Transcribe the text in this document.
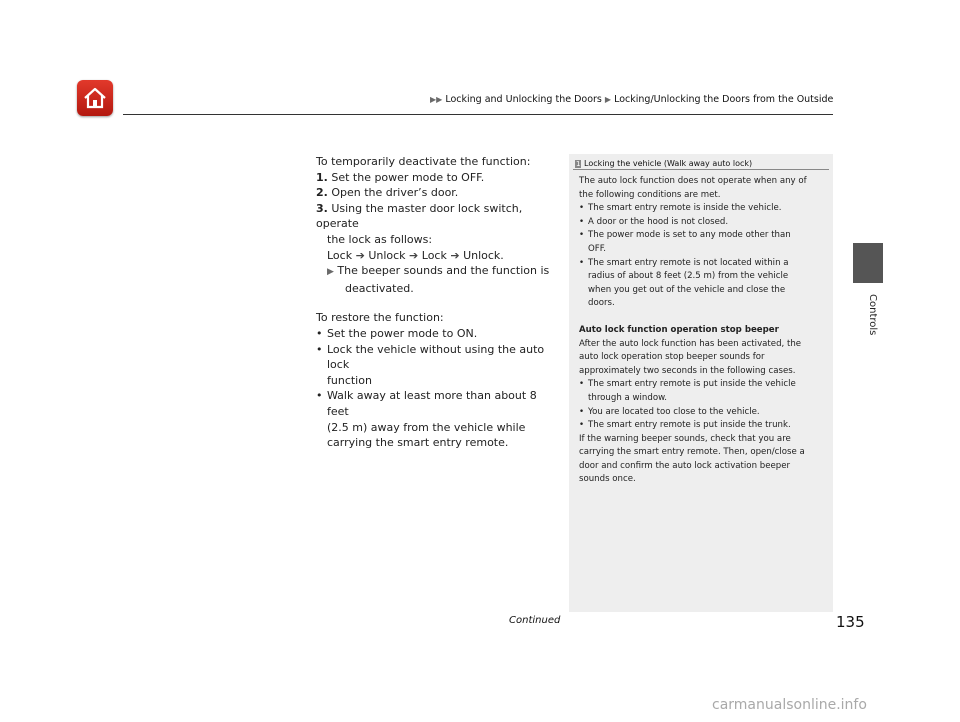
▶▶ Locking and Unlocking the Doors ▶ Locking/Unlocking the Doors from the Outside
Controls

To temporarily deactivate the function:

1. Set the power mode to OFF.

2. Open the driver’s door.

3. Using the master door lock switch, operate

the lock as follows:

Lock ➔ Unlock ➔ Lock ➔ Unlock.

▶ The beeper sounds and the function is

deactivated.

To restore the function:

• Set the power mode to ON.

• Lock the vehicle without using the auto lock

function

• Walk away at least more than about 8 feet

(2.5 m) away from the vehicle while

carrying the smart entry remote.

1 Locking the vehicle (Walk away auto lock)

The auto lock function does not operate when any of

the following conditions are met.

• The smart entry remote is inside the vehicle.

• A door or the hood is not closed.

• The power mode is set to any mode other than

OFF.

• The smart entry remote is not located within a

radius of about 8 feet (2.5 m) from the vehicle

when you get out of the vehicle and close the

doors.

Auto lock function operation stop beeper

After the auto lock function has been activated, the

auto lock operation stop beeper sounds for

approximately two seconds in the following cases.

• The smart entry remote is put inside the vehicle

through a window.

• You are located too close to the vehicle.

• The smart entry remote is put inside the trunk.

If the warning beeper sounds, check that you are

carrying the smart entry remote. Then, open/close a

door and confirm the auto lock activation beeper

sounds once.

Continued	135
carmanualsonline.info
